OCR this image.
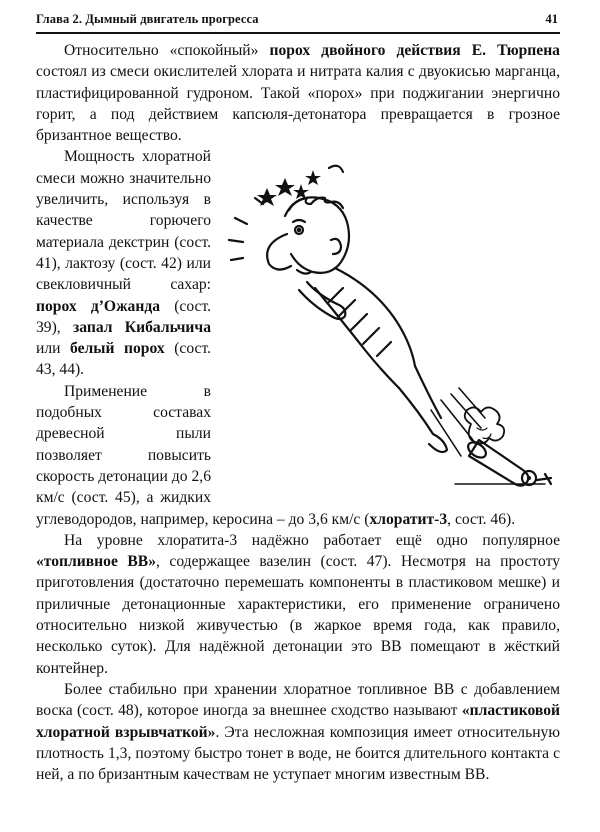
Глава 2. Дымный двигатель прогресса	41

Относительно «спокойный» порох двойного действия Е. Тюрпена состоял из смеси окислителей хлората и нитрата калия с двуокисью марганца, пластифицированной гудроном. Такой «порох» при поджигании энергично горит, а под действием капсюля-детонатора превращается в грозное бризантное вещество.

Мощность хлоратной смеси можно значительно увеличить, используя в качестве горючего материала декстрин (сост. 41), лактозу (сост. 42) или свекловичный сахар: порох д’Ожанда (сост. 39), запал Кибальчича или белый порох (сост. 43, 44).

Применение в подобных составах древесной пыли позволяет повысить скорость детонации до 2,6 км/с (сост. 45), а жидких углеводородов, например, керосина – до 3,6 км/с (хлоратит-3, сост. 46).

На уровне хлоратита-3 надёжно работает ещё одно популярное «топливное ВВ», содержащее вазелин (сост. 47). Несмотря на простоту приготовления (достаточно перемешать компоненты в пластиковом мешке) и приличные детонационные характеристики, его применение ограничено относительно низкой живучестью (в жаркое время года, как правило, несколько суток). Для надёжной детонации это ВВ помещают в жёсткий контейнер.

Более стабильно при хранении хлоратное топливное ВВ с добавлением воска (сост. 48), которое иногда за внешнее сходство называют «пластиковой хлоратной взрывчаткой». Эта несложная композиция имеет относительную плотность 1,3, поэтому быстро тонет в воде, не боится длительного контакта с ней, а по бризантным качествам не уступает многим известным ВВ.
